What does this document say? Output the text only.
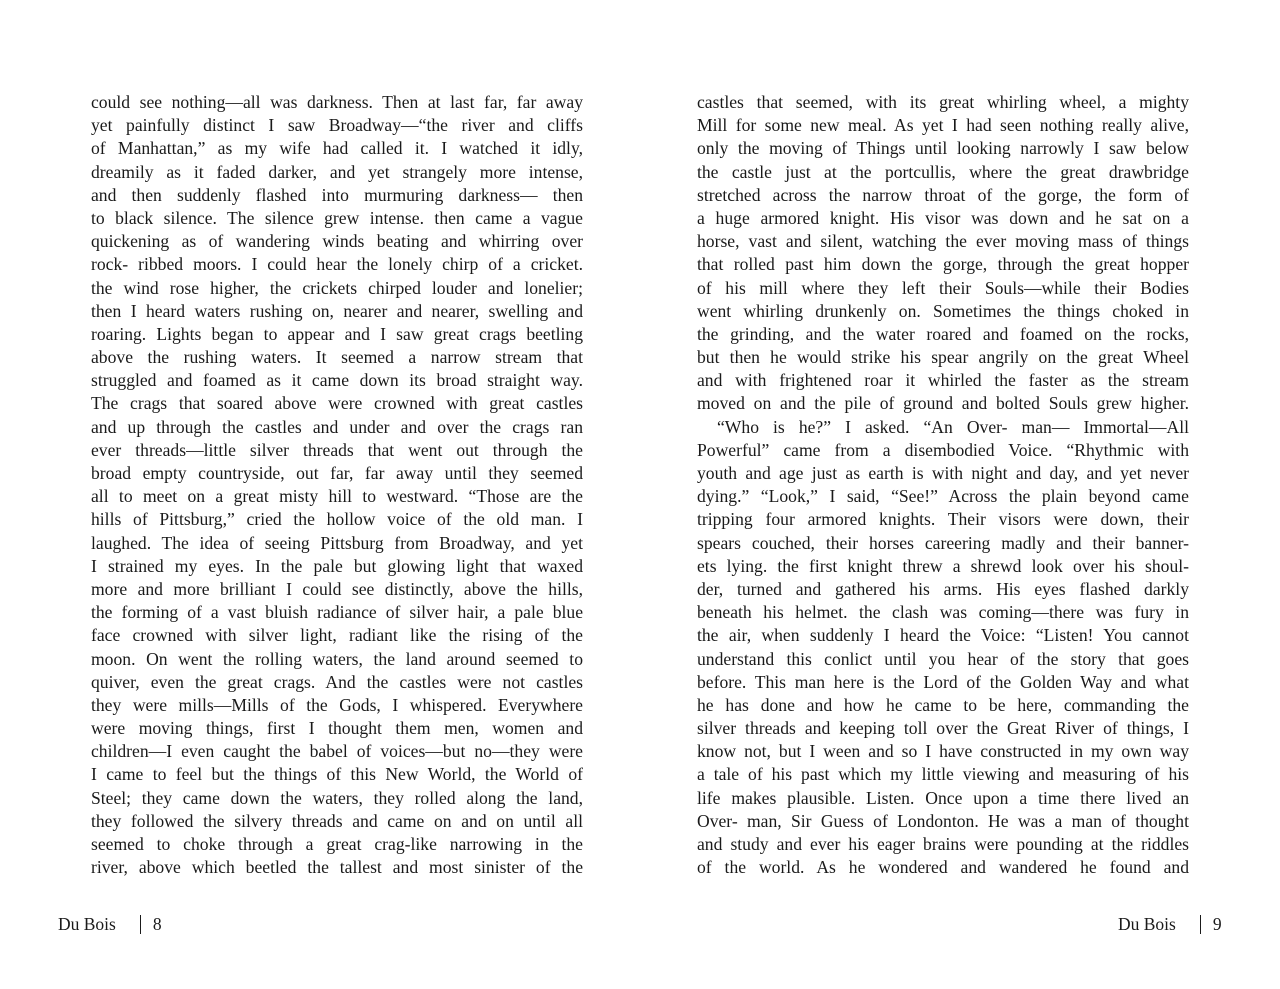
could see nothing—all was darkness. Then at last far, far away
yet painfully distinct I saw Broadway—“the river and cliffs
of Manhattan,” as my wife had called it. I watched it idly,
dreamily as it faded darker, and yet strangely more intense,
and then suddenly flashed into murmuring darkness— then
to black silence. The silence grew intense. then came a vague
quickening as of wandering winds beating and whirring over
rock- ribbed moors. I could hear the lonely chirp of a cricket.
the wind rose higher, the crickets chirped louder and lonelier;
then I heard waters rushing on, nearer and nearer, swelling and
roaring. Lights began to appear and I saw great crags beetling
above the rushing waters. It seemed a narrow stream that
struggled and foamed as it came down its broad straight way.
The crags that soared above were crowned with great castles
and up through the castles and under and over the crags ran
ever threads—little silver threads that went out through the
broad empty countryside, out far, far away until they seemed
all to meet on a great misty hill to westward. “Those are the
hills of Pittsburg,” cried the hollow voice of the old man. I
laughed. The idea of seeing Pittsburg from Broadway, and yet
I strained my eyes. In the pale but glowing light that waxed
more and more brilliant I could see distinctly, above the hills,
the forming of a vast bluish radiance of silver hair, a pale blue
face crowned with silver light, radiant like the rising of the
moon. On went the rolling waters, the land around seemed to
quiver, even the great crags. And the castles were not castles
they were mills—Mills of the Gods, I whispered. Everywhere
were moving things, first I thought them men, women and
children—I even caught the babel of voices—but no—they were
I came to feel but the things of this New World, the World of
Steel; they came down the waters, they rolled along the land,
they followed the silvery threads and came on and on until all
seemed to choke through a great crag-like narrowing in the
river, above which beetled the tallest and most sinister of the
Du Bois 8
castles that seemed, with its great whirling wheel, a mighty
Mill for some new meal. As yet I had seen nothing really alive,
only the moving of Things until looking narrowly I saw below
the castle just at the portcullis, where the great drawbridge
stretched across the narrow throat of the gorge, the form of
a huge armored knight. His visor was down and he sat on a
horse, vast and silent, watching the ever moving mass of things
that rolled past him down the gorge, through the great hopper
of his mill where they left their Souls—while their Bodies
went whirling drunkenly on. Sometimes the things choked in
the grinding, and the water roared and foamed on the rocks,
but then he would strike his spear angrily on the great Wheel
and with frightened roar it whirled the faster as the stream
moved on and the pile of ground and bolted Souls grew higher.
“Who is he?” I asked. “An Over- man— Immortal—All
Powerful” came from a disembodied Voice. “Rhythmic with
youth and age just as earth is with night and day, and yet never
dying.” “Look,” I said, “See!” Across the plain beyond came
tripping four armored knights. Their visors were down, their
spears couched, their horses careering madly and their banner-
ets lying. the first knight threw a shrewd look over his shoul-
der, turned and gathered his arms. His eyes flashed darkly
beneath his helmet. the clash was coming—there was fury in
the air, when suddenly I heard the Voice: “Listen! You cannot
understand this conlict until you hear of the story that goes
before. This man here is the Lord of the Golden Way and what
he has done and how he came to be here, commanding the
silver threads and keeping toll over the Great River of things, I
know not, but I ween and so I have constructed in my own way
a tale of his past which my little viewing and measuring of his
life makes plausible. Listen. Once upon a time there lived an
Over- man, Sir Guess of Londonton. He was a man of thought
and study and ever his eager brains were pounding at the riddles
of the world. As he wondered and wandered he found and
Du Bois 9
